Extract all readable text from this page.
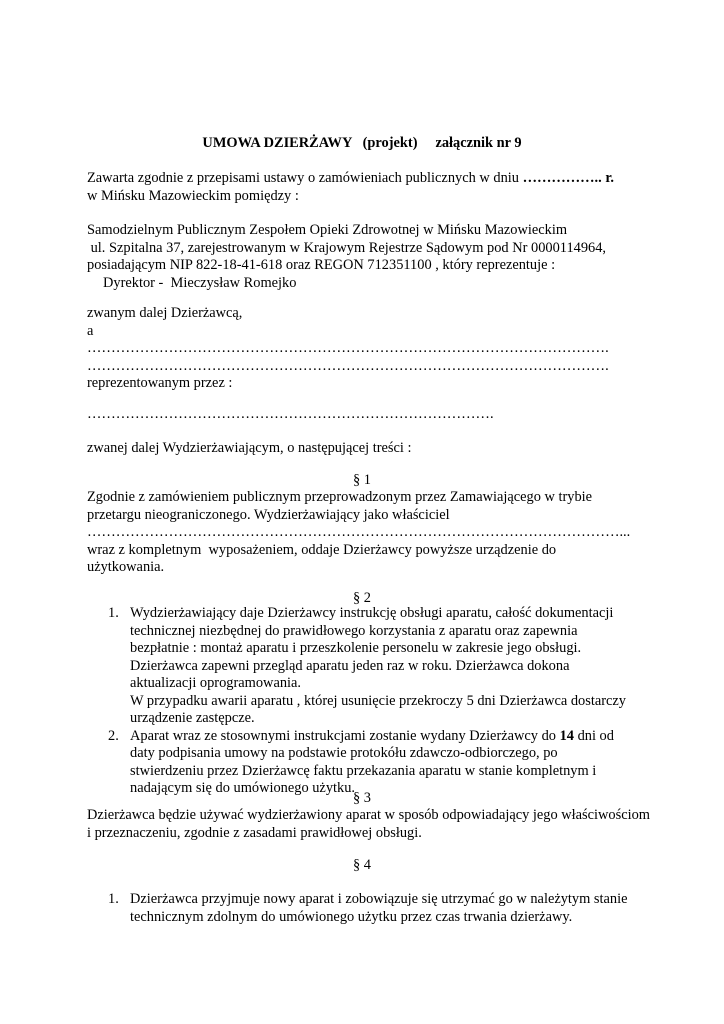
UMOWA DZIERŻAWY   (projekt)     załącznik nr 9
Zawarta zgodnie z przepisami ustawy o zamówieniach publicznych w dniu …………….. r.
w Mińsku Mazowieckim pomiędzy :
Samodzielnym Publicznym Zespołem Opieki Zdrowotnej w Mińsku Mazowieckim
ul. Szpitalna 37, zarejestrowanym w Krajowym Rejestrze Sądowym pod Nr 0000114964,
posiadającym NIP 822-18-41-618 oraz REGON 712351100 , który reprezentuje :
Dyrektor -  Mieczysław Romejko
zwanym dalej Dzierżawcą,
a
……………………………………………………………………………………………….
……………………………………………………………………………………………….
reprezentowanym przez :
………………………………………………………………………….
zwanej dalej Wydzierżawiającym, o następującej treści :
§ 1
Zgodnie z zamówieniem publicznym przeprowadzonym przez Zamawiającego w trybie
przetargu nieograniczonego. Wydzierżawiający jako właściciel
…………………………………………………………………………………………………...
wraz z kompletnym  wyposażeniem, oddaje Dzierżawcy powyższe urządzenie do
użytkowania.
§ 2
1. Wydzierżawiający daje Dzierżawcy instrukcję obsługi aparatu, całość dokumentacji
technicznej niezbędnej do prawidłowego korzystania z aparatu oraz zapewnia
bezpłatnie : montaż aparatu i przeszkolenie personelu w zakresie jego obsługi.
Dzierżawca zapewni przegląd aparatu jeden raz w roku. Dzierżawca dokona
aktualizacji oprogramowania.
W przypadku awarii aparatu , której usunięcie przekroczy 5 dni Dzierżawca dostarczy
urządzenie zastępcze.
2. Aparat wraz ze stosownymi instrukcjami zostanie wydany Dzierżawcy do 14 dni od
daty podpisania umowy na podstawie protokółu zdawczo-odbiorczego, po
stwierdzeniu przez Dzierżawcę faktu przekazania aparatu w stanie kompletnym i
nadającym się do umówionego użytku.
§ 3
Dzierżawca będzie używać wydzierżawiony aparat w sposób odpowiadający jego właściwościom
i przeznaczeniu, zgodnie z zasadami prawidłowej obsługi.
§ 4
1. Dzierżawca przyjmuje nowy aparat i zobowiązuje się utrzymać go w należytym stanie
technicznym zdolnym do umówionego użytku przez czas trwania dzierżawy.
